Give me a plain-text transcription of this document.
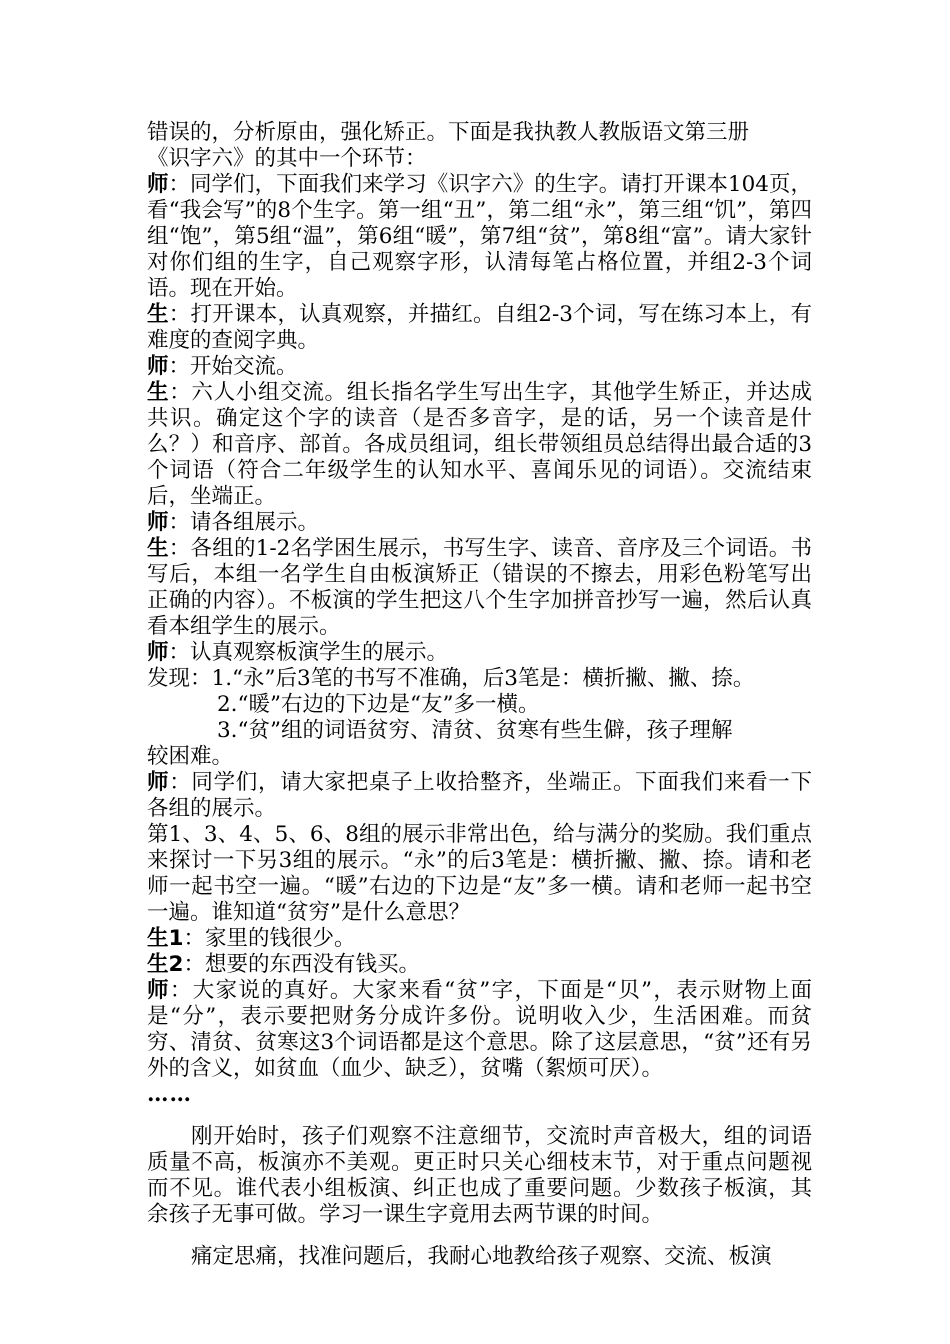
错误的，分析原由，强化矫正。下面是我执教人教版语文第三册

《识字六》的其中一个环节：

师：同学们，下面我们来学习《识字六》的生字。请打开课本104页，看“我会写”的8个生字。第一组“丑”，第二组“永”，第三组“饥”，第四组“饱”，第5组“温”，第6组“暖”，第7组“贫”，第8组“富”。请大家针对你们组的生字，自己观察字形，认清每笔占格位置，并组2-3个词语。现在开始。

生：打开课本，认真观察，并描红。自组2-3个词，写在练习本上，有难度的查阅字典。

师：开始交流。

生：六人小组交流。组长指名学生写出生字，其他学生矫正，并达成共识。确定这个字的读音（是否多音字，是的话，另一个读音是什么？）和音序、部首。各成员组词，组长带领组员总结得出最合适的3个词语（符合二年级学生的认知水平、喜闻乐见的词语）。交流结束后，坐端正。

师：请各组展示。

生：各组的1-2名学困生展示，书写生字、读音、音序及三个词语。书写后，本组一名学生自由板演矫正（错误的不擦去，用彩色粉笔写出正确的内容）。不板演的学生把这八个生字加拼音抄写一遍，然后认真看本组学生的展示。

师：认真观察板演学生的展示。

发现：1.“永”后3笔的书写不准确，后3笔是：横折撇、撇、捺。

2.“暖”右边的下边是“友”多一横。

3.“贫”组的词语贫穷、清贫、贫寒有些生僻，孩子理解

较困难。

师：同学们，请大家把桌子上收拾整齐，坐端正。下面我们来看一下各组的展示。

第1、3、4、5、6、8组的展示非常出色，给与满分的奖励。我们重点来探讨一下另3组的展示。“永”的后3笔是：横折撇、撇、捺。请和老师一起书空一遍。“暖”右边的下边是“友”多一横。请和老师一起书空一遍。谁知道“贫穷”是什么意思？

生1：家里的钱很少。

生2：想要的东西没有钱买。

师：大家说的真好。大家来看“贫”字，下面是“贝”，表示财物上面是“分”，表示要把财务分成许多份。说明收入少，生活困难。而贫穷、清贫、贫寒这3个词语都是这个意思。除了这层意思，“贫”还有另外的含义，如贫血（血少、缺乏），贫嘴（絮烦可厌）。

……

刚开始时，孩子们观察不注意细节，交流时声音极大，组的词语质量不高，板演亦不美观。更正时只关心细枝末节，对于重点问题视而不见。谁代表小组板演、纠正也成了重要问题。少数孩子板演，其余孩子无事可做。学习一课生字竟用去两节课的时间。

痛定思痛，找准问题后，我耐心地教给孩子观察、交流、板演
